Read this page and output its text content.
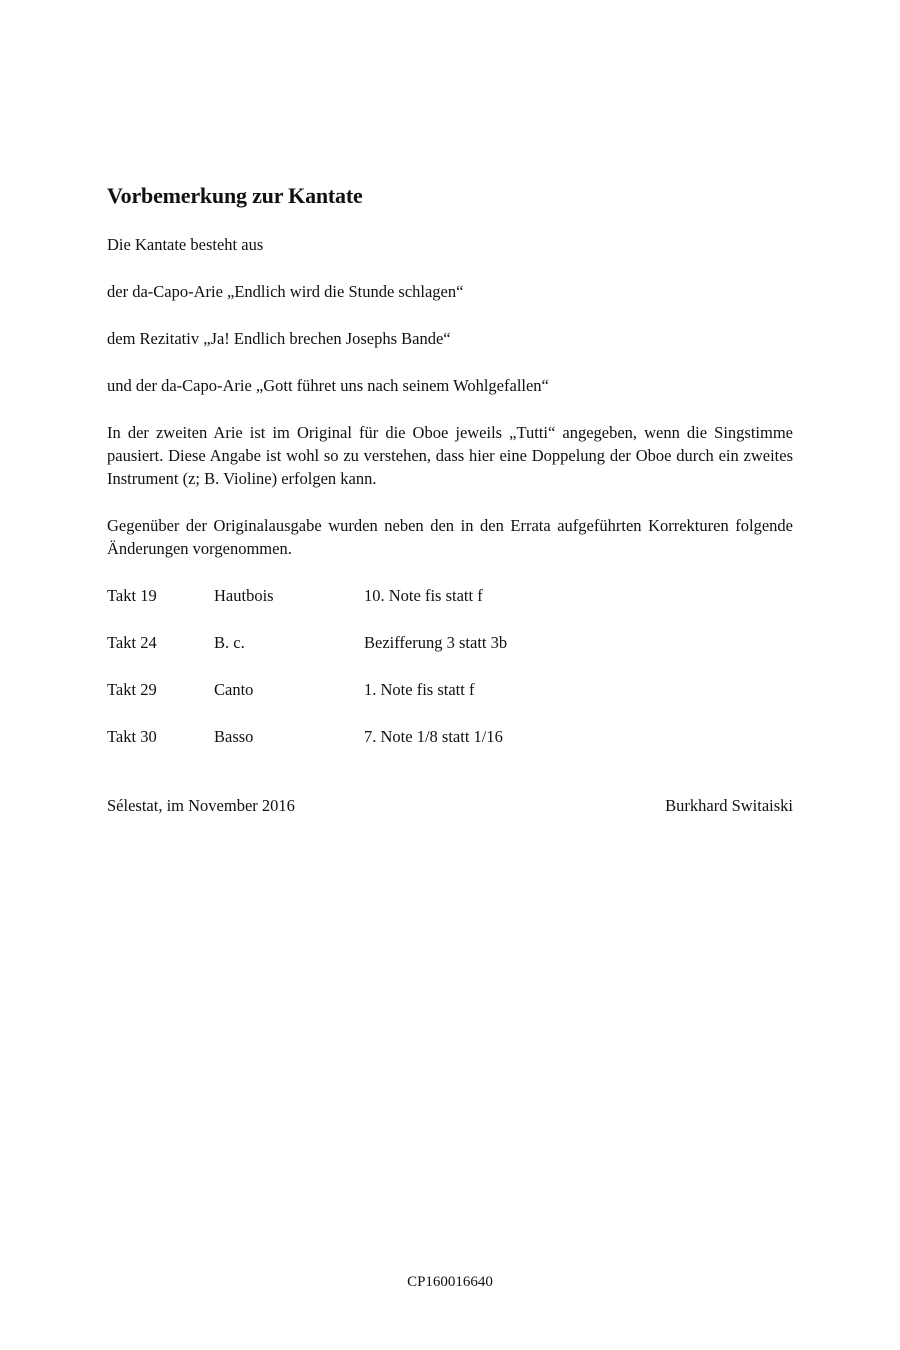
Vorbemerkung zur Kantate

Die Kantate besteht aus

der da-Capo-Arie „Endlich wird die Stunde schlagen“

dem Rezitativ „Ja! Endlich brechen Josephs Bande“

und der da-Capo-Arie „Gott führet uns nach seinem Wohlgefallen“

In der zweiten Arie ist im Original für die Oboe jeweils „Tutti“ angegeben, wenn die Singstimme pausiert. Diese Angabe ist wohl so zu verstehen, dass hier eine Doppelung der Oboe durch ein zweites Instrument (z; B. Violine) erfolgen kann.

Gegenüber der Originalausgabe wurden neben den in den Errata aufgeführten Korrekturen folgende Änderungen vorgenommen.

Takt 19	Hautbois	10. Note fis statt f
Takt 24	B. c.	Bezifferung 3 statt 3b
Takt 29	Canto	1. Note fis statt f
Takt 30	Basso	7. Note 1/8 statt 1/16
Sélestat, im November 2016	Burkhard Switaiski
CP160016640
